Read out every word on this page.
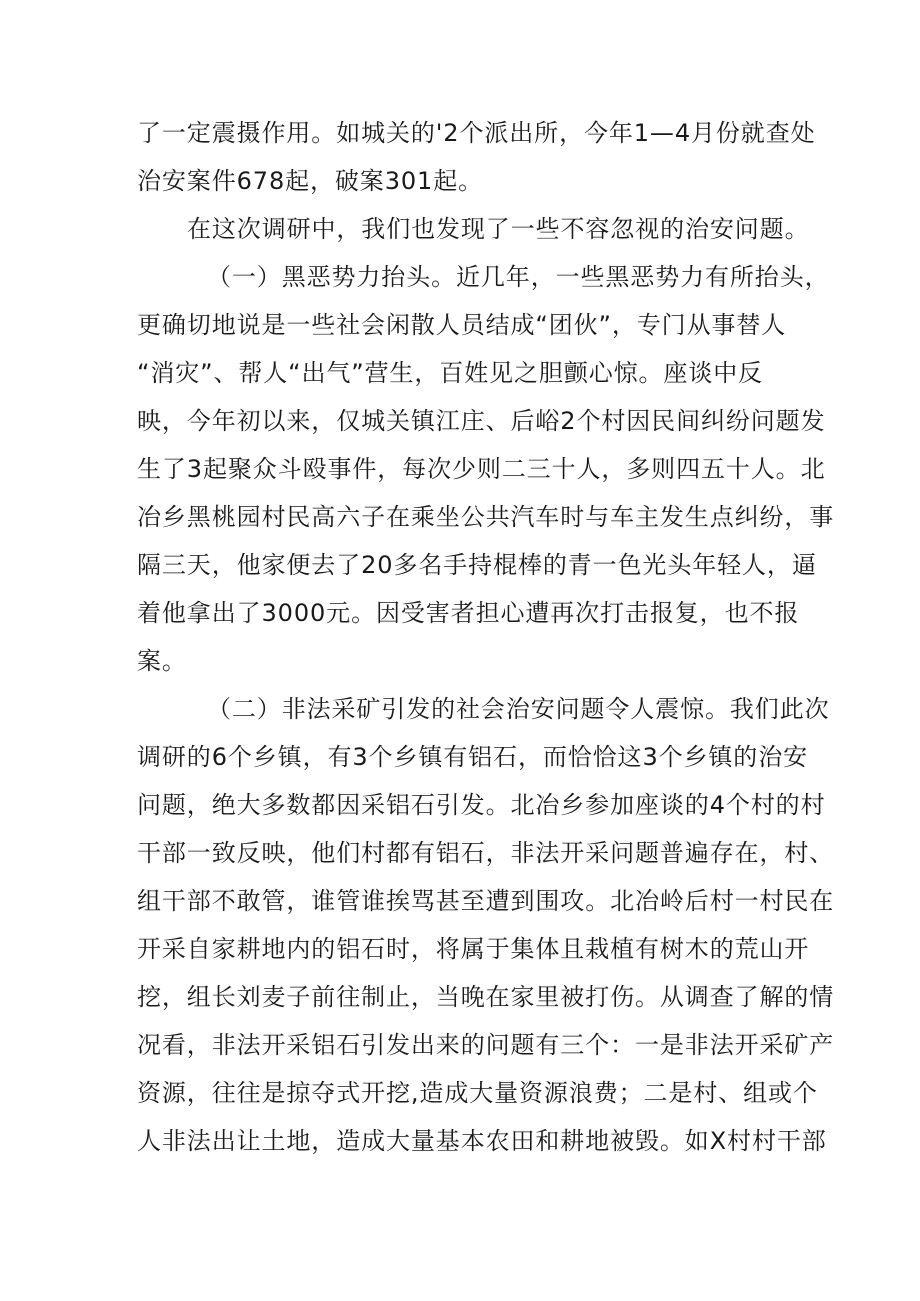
了一定震摄作用。如城关的'2个派出所，今年1—4月份就查处
治安案件678起，破案301起。
在这次调研中，我们也发现了一些不容忽视的治安问题。
（一）黑恶势力抬头。近几年，一些黑恶势力有所抬头，
更确切地说是一些社会闲散人员结成“团伙”，专门从事替人
“消灾”、帮人“出气”营生，百姓见之胆颤心惊。座谈中反
映，今年初以来，仅城关镇江庄、后峪2个村因民间纠纷问题发
生了3起聚众斗殴事件，每次少则二三十人，多则四五十人。北
冶乡黑桃园村民高六子在乘坐公共汽车时与车主发生点纠纷，事
隔三天，他家便去了20多名手持棍棒的青一色光头年轻人，逼
着他拿出了3000元。因受害者担心遭再次打击报复，也不报
案。
（二）非法采矿引发的社会治安问题令人震惊。我们此次
调研的6个乡镇，有3个乡镇有铝石，而恰恰这3个乡镇的治安
问题，绝大多数都因采铝石引发。北冶乡参加座谈的4个村的村
干部一致反映，他们村都有铝石，非法开采问题普遍存在，村、
组干部不敢管，谁管谁挨骂甚至遭到围攻。北冶岭后村一村民在
开采自家耕地内的铝石时，将属于集体且栽植有树木的荒山开
挖，组长刘麦子前往制止，当晚在家里被打伤。从调查了解的情
况看，非法开采铝石引发出来的问题有三个：一是非法开采矿产
资源，往往是掠夺式开挖,造成大量资源浪费；二是村、组或个
人非法出让土地，造成大量基本农田和耕地被毁。如X村村干部
